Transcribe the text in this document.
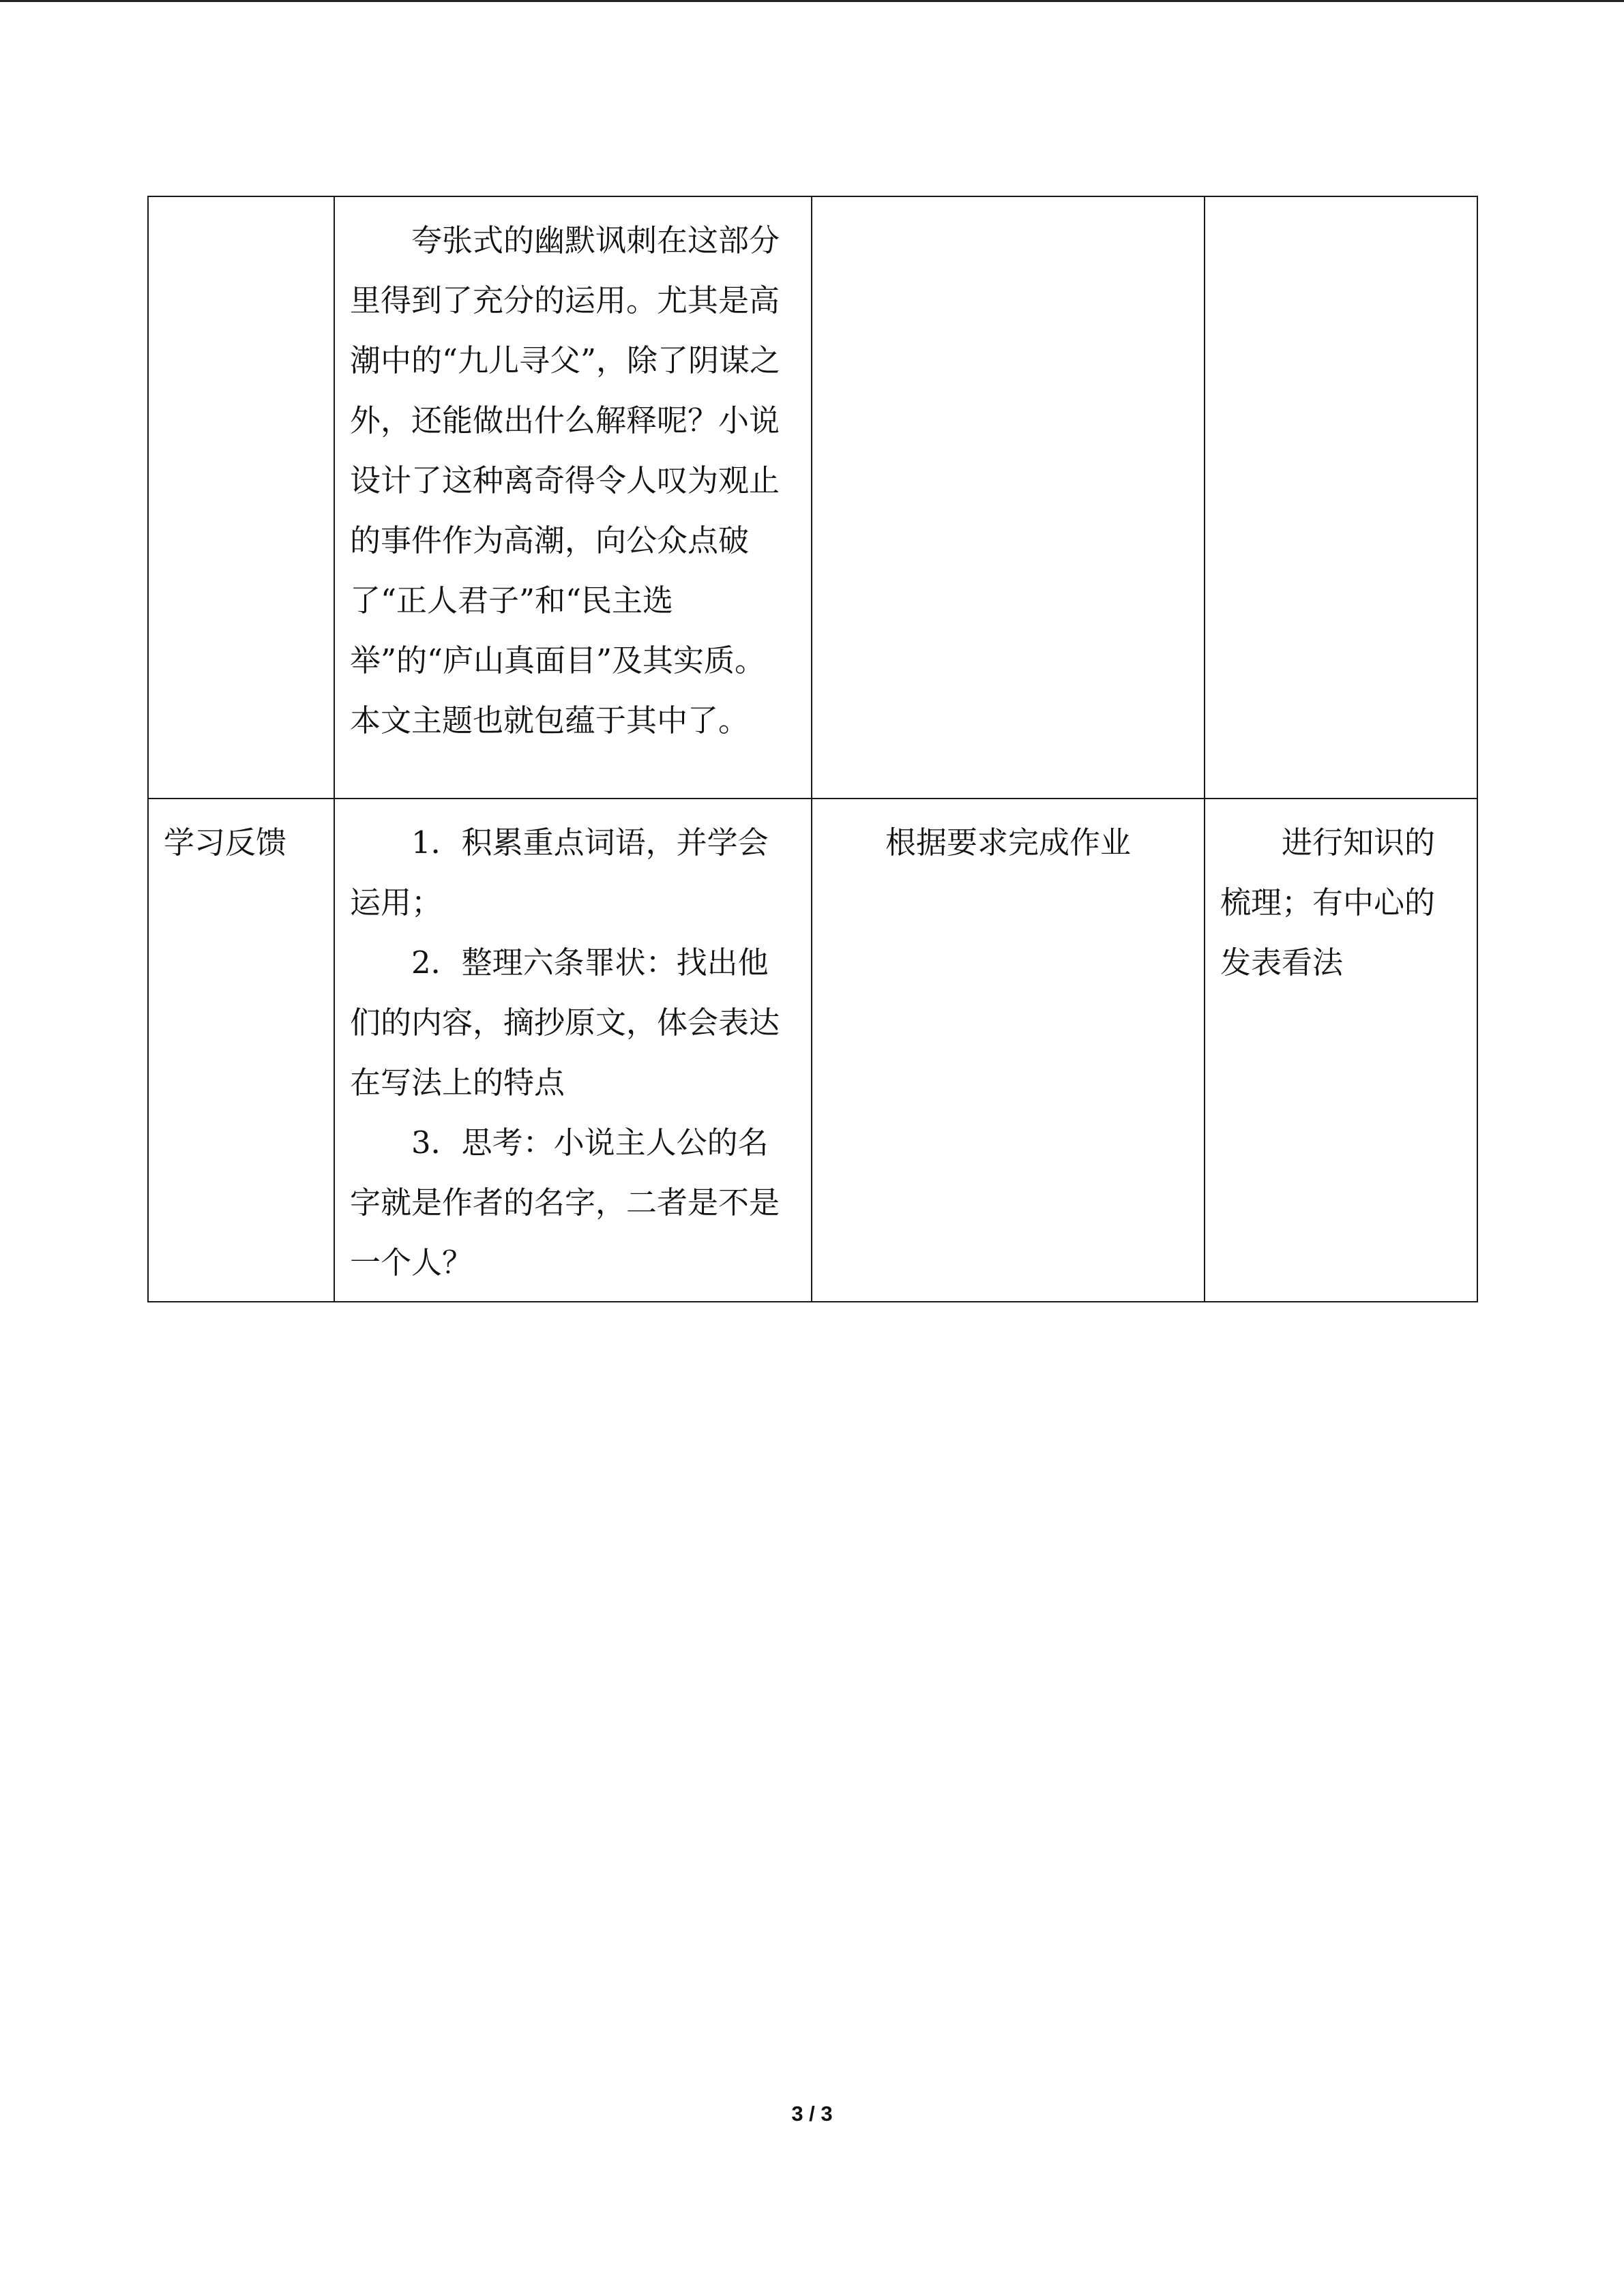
	夸张式的幽默讽刺在这部分里得到了充分的运用。尤其是高潮中的“九儿寻父”，除了阴谋之外，还能做出什么解释呢？小说设计了这种离奇得令人叹为观止的事件作为高潮，向公众点破了“正人君子”和“民主选举”的“庐山真面目”及其实质。本文主题也就包蕴于其中了。		

学习反馈	1．积累重点词语，并学会运用；

2．整理六条罪状：找出他们的内容，摘抄原文，体会表达在写法上的特点

3．思考：小说主人公的名字就是作者的名字，二者是不是一个人？	根据要求完成作业	进行知识的梳理；有中心的发表看法

3 / 3
